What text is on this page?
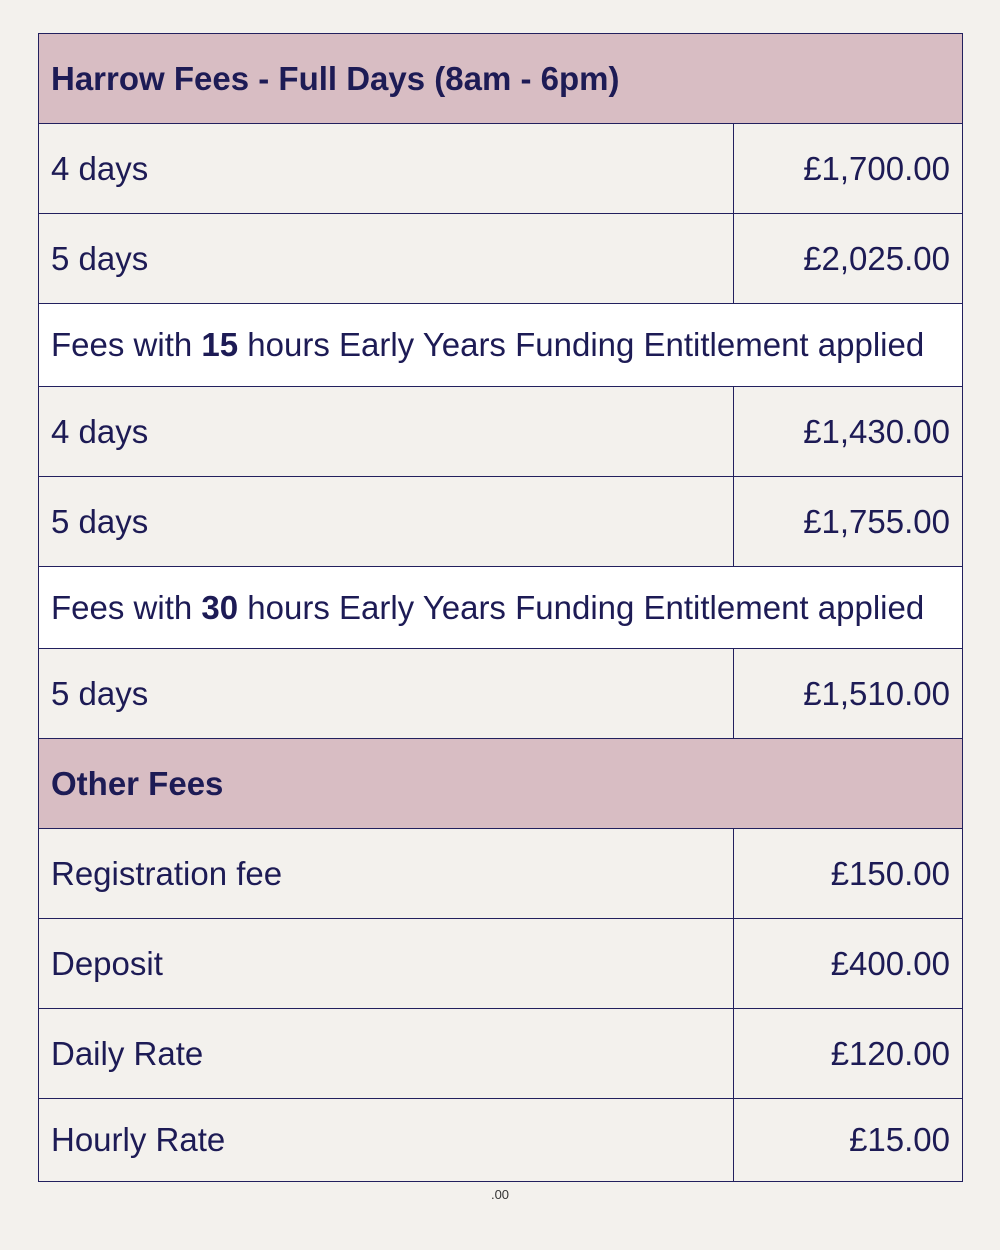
Harrow Fees - Full Days (8am - 6pm)	
4 days	£1,700.00
5 days	£2,025.00
Fees with 15 hours Early Years Funding Entitlement applied	
4 days	£1,430.00
5 days	£1,755.00
Fees with 30 hours Early Years Funding Entitlement applied	
5 days	£1,510.00
Other Fees	
Registration fee	£150.00
Deposit	£400.00
Daily Rate	£120.00
Hourly Rate	£15.00
.00
